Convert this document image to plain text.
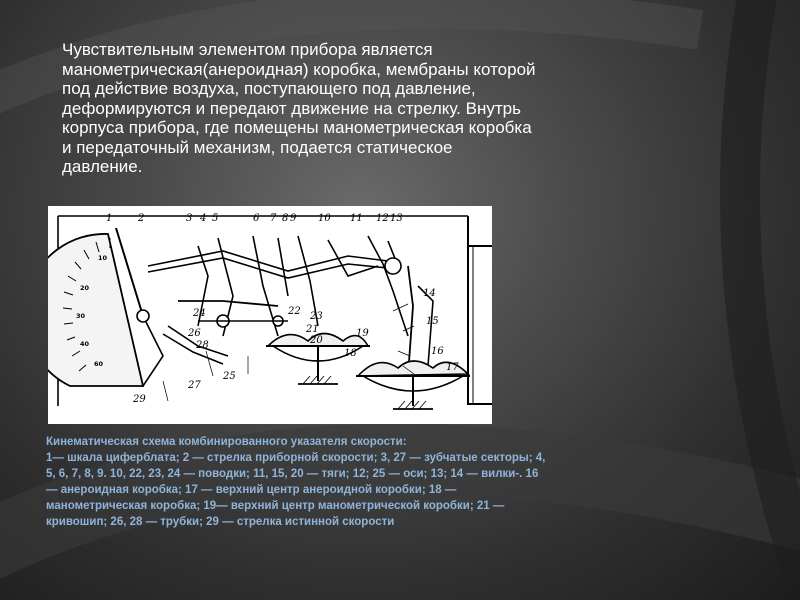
Чувствительным элементом прибора является
манометрическая(анероидная) коробка, мембраны которой
под действие воздуха, поступающего под давление,
деформируются и передают движение на стрелку. Внутрь
корпуса прибора, где помещены манометрическая коробка
и передаточный механизм, подается статическое
давление.
1	2	3 4 5	6 7 8 9 10 11 12 13
14
15
16
17
22 23
24
21
20
19
18
26
28
27
25
29
10
20
30
40
60
Кинематическая схема комбинированного указателя скорости:
1— шкала циферблата; 2 — стрелка приборной скорости; 3, 27 — зубчатые секторы; 4,
5, 6, 7, 8, 9. 10, 22, 23, 24 — поводки; 11, 15, 20 — тяги; 12; 25 — оси; 13; 14 — вилки-. 16
— анероидная коробка; 17 — верхний центр анероидной коробки; 18 —
манометрическая коробка; 19— верхний центр манометрической коробки; 21 —
кривошип; 26, 28 — трубки; 29 — стрелка истинной скорости
